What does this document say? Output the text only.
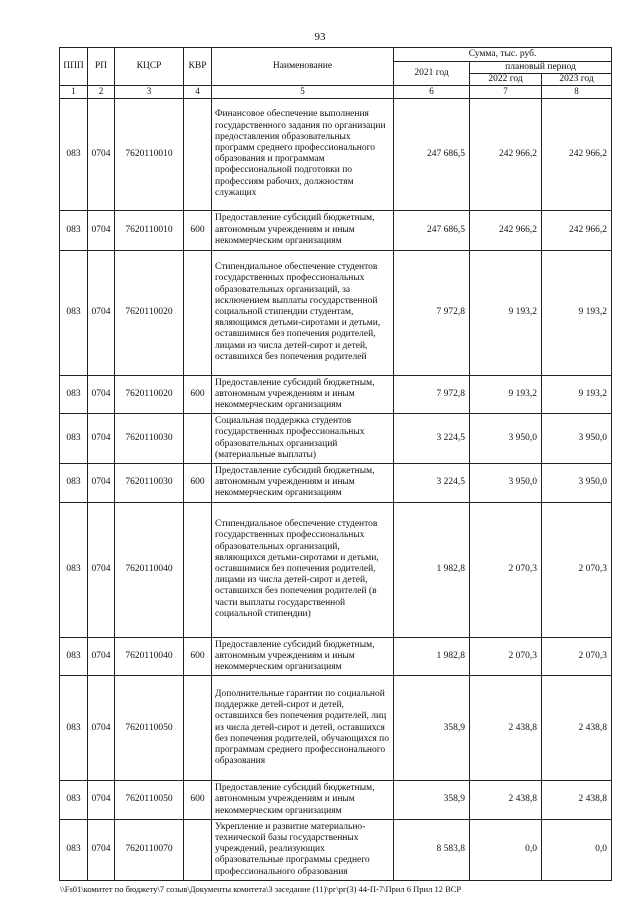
93
ППП	РП	КЦСР	КВР	Наименование	Сумма, тыс. руб.		
					2021 год	плановый период	
						2022 год	2023 год
1	2	3	4	5	6	7	8
083	0704	7620110010		Финансовое обеспечение выполнения государственного задания по организации предоставления образовательных программ среднего профессионального образования и программам профессиональной подготовки по профессиям рабочих, должностям служащих	247 686,5	242 966,2	242 966,2
083	0704	7620110010	600	Предоставление субсидий бюджетным, автономным учреждениям и иным некоммерческим организациям	247 686,5	242 966,2	242 966,2
083	0704	7620110020		Стипендиальное обеспечение студентов государственных профессиональных образовательных организаций, за исключением выплаты государственной социальной стипендии студентам, являющимся детьми-сиротами и детьми, оставшимися без попечения родителей, лицами из числа детей-сирот и детей, оставшихся без попечения родителей	7 972,8	9 193,2	9 193,2
083	0704	7620110020	600	Предоставление субсидий бюджетным, автономным учреждениям и иным некоммерческим организациям	7 972,8	9 193,2	9 193,2
083	0704	7620110030		Социальная поддержка студентов государственных профессиональных образовательных организаций (материальные выплаты)	3 224,5	3 950,0	3 950,0
083	0704	7620110030	600	Предоставление субсидий бюджетным, автономным учреждениям и иным некоммерческим организациям	3 224,5	3 950,0	3 950,0
083	0704	7620110040		Стипендиальное обеспечение студентов государственных профессиональных образовательных организаций, являющихся детьми-сиротами и детьми, оставшимися без попечения родителей, лицами из числа детей-сирот и детей, оставшихся без попечения родителей (в части выплаты государственной социальной стипендии)	1 982,8	2 070,3	2 070,3
083	0704	7620110040	600	Предоставление субсидий бюджетным, автономным учреждениям и иным некоммерческим организациям	1 982,8	2 070,3	2 070,3
083	0704	7620110050		Дополнительные гарантии по социальной поддержке детей-сирот и детей, оставшихся без попечения родителей, лиц из числа детей-сирот и детей, оставшихся без попечения родителей, обучающихся по программам среднего профессионального образования	358,9	2 438,8	2 438,8
083	0704	7620110050	600	Предоставление субсидий бюджетным, автономным учреждениям и иным некоммерческим организациям	358,9	2 438,8	2 438,8
083	0704	7620110070		Укрепление и развитие материально-технической базы государственных учреждений, реализующих образовательные программы среднего профессионального образования	8 583,8	0,0	0,0
\\Fs01\комитет по бюджету\7 созыв\Документы комитета\3 заседание (11)\рг\рг(3) 44-П-7\Прил 6 Прил 12 ВСР
